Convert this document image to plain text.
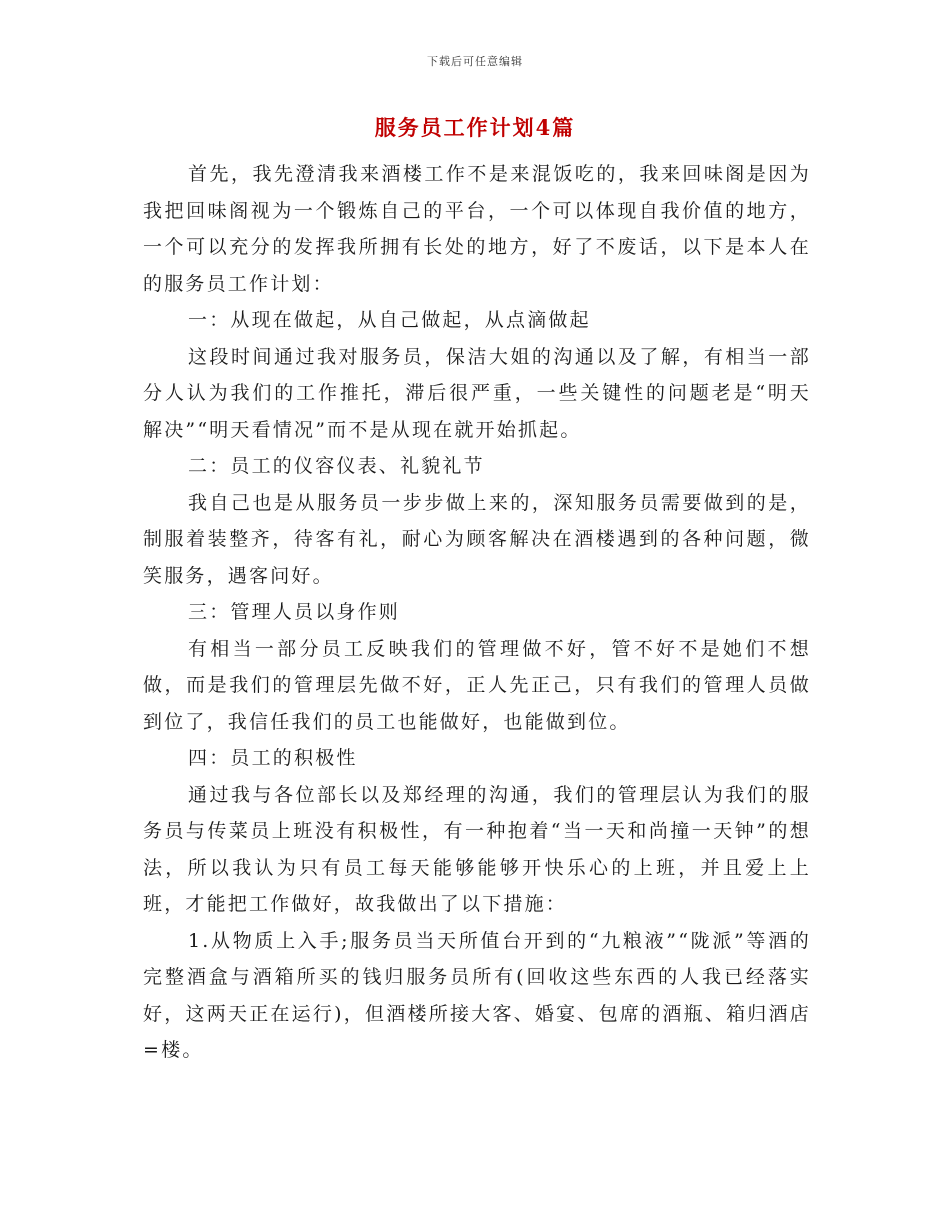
下载后可任意编辑
服务员工作计划4篇

首先，我先澄清我来酒楼工作不是来混饭吃的，我来回味阁是因为我把回味阁视为一个锻炼自己的平台，一个可以体现自我价值的地方，一个可以充分的发挥我所拥有长处的地方，好了不废话，以下是本人在的服务员工作计划：

一：从现在做起，从自己做起，从点滴做起

这段时间通过我对服务员，保洁大姐的沟通以及了解，有相当一部分人认为我们的工作推托，滞后很严重，一些关键性的问题老是“明天解决”“明天看情况”而不是从现在就开始抓起。

二：员工的仪容仪表、礼貌礼节

我自己也是从服务员一步步做上来的，深知服务员需要做到的是，制服着装整齐，待客有礼，耐心为顾客解决在酒楼遇到的各种问题，微笑服务，遇客问好。

三：管理人员以身作则

有相当一部分员工反映我们的管理做不好，管不好不是她们不想做，而是我们的管理层先做不好，正人先正己，只有我们的管理人员做到位了，我信任我们的员工也能做好，也能做到位。

四：员工的积极性

通过我与各位部长以及郑经理的沟通，我们的管理层认为我们的服务员与传菜员上班没有积极性，有一种抱着“当一天和尚撞一天钟”的想法，所以我认为只有员工每天能够能够开快乐心的上班，并且爱上上班，才能把工作做好，故我做出了以下措施：

1.从物质上入手;服务员当天所值台开到的“九粮液”“陇派”等酒的完整酒盒与酒箱所买的钱归服务员所有(回收这些东西的人我已经落实好，这两天正在运行)，但酒楼所接大客、婚宴、包席的酒瓶、箱归酒店=楼。
